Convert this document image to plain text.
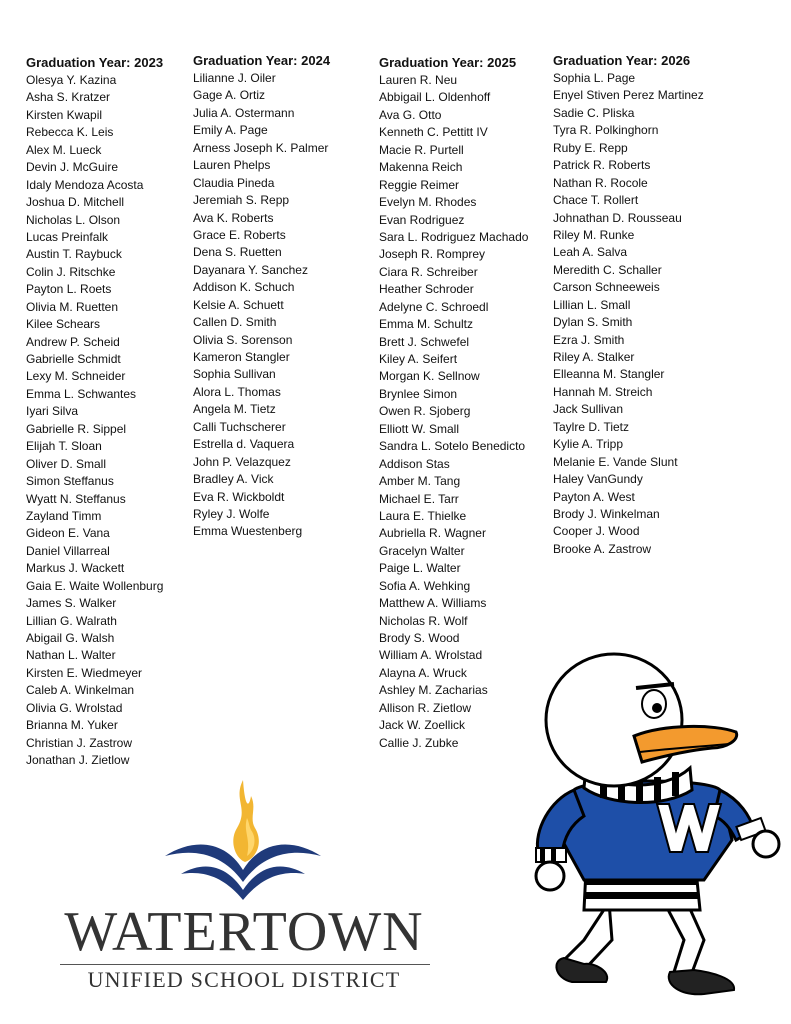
Graduation Year: 2023
Olesya Y. Kazina
Asha S. Kratzer
Kirsten Kwapil
Rebecca K. Leis
Alex M. Lueck
Devin J. McGuire
Idaly Mendoza Acosta
Joshua D. Mitchell
Nicholas L. Olson
Lucas Preinfalk
Austin T. Raybuck
Colin J. Ritschke
Payton L. Roets
Olivia M. Ruetten
Kilee Schears
Andrew P. Scheid
Gabrielle Schmidt
Lexy M. Schneider
Emma L. Schwantes
Iyari Silva
Gabrielle R. Sippel
Elijah T. Sloan
Oliver D. Small
Simon Steffanus
Wyatt N. Steffanus
Zayland Timm
Gideon E. Vana
Daniel Villarreal
Markus J. Wackett
Gaia E. Waite Wollenburg
James S. Walker
Lillian G. Walrath
Abigail G. Walsh
Nathan L. Walter
Kirsten E. Wiedmeyer
Caleb A. Winkelman
Olivia G. Wrolstad
Brianna M. Yuker
Christian J. Zastrow
Jonathan J. Zietlow
Graduation Year: 2024
Lilianne J. Oiler
Gage A. Ortiz
Julia A. Ostermann
Emily A. Page
Arness Joseph K. Palmer
Lauren Phelps
Claudia Pineda
Jeremiah S. Repp
Ava K. Roberts
Grace E. Roberts
Dena S. Ruetten
Dayanara Y. Sanchez
Addison K. Schuch
Kelsie A. Schuett
Callen D. Smith
Olivia S. Sorenson
Kameron Stangler
Sophia Sullivan
Alora L. Thomas
Angela M. Tietz
Calli Tuchscherer
Estrella d. Vaquera
John P. Velazquez
Bradley A. Vick
Eva R. Wickboldt
Ryley J. Wolfe
Emma Wuestenberg
Graduation Year: 2025
Lauren R. Neu
Abbigail L. Oldenhoff
Ava G. Otto
Kenneth C. Pettitt IV
Macie R. Purtell
Makenna Reich
Reggie Reimer
Evelyn M. Rhodes
Evan Rodriguez
Sara L. Rodriguez Machado
Joseph R. Romprey
Ciara R. Schreiber
Heather Schroder
Adelyne C. Schroedl
Emma M. Schultz
Brett J. Schwefel
Kiley A. Seifert
Morgan K. Sellnow
Brynlee Simon
Owen R. Sjoberg
Elliott W. Small
Sandra L. Sotelo Benedicto
Addison Stas
Amber M. Tang
Michael E. Tarr
Laura E. Thielke
Aubriella R. Wagner
Gracelyn Walter
Paige L. Walter
Sofia A. Wehking
Matthew A. Williams
Nicholas R. Wolf
Brody S. Wood
William A. Wrolstad
Alayna A. Wruck
Ashley M. Zacharias
Allison R. Zietlow
Jack W. Zoellick
Callie J. Zubke
Graduation Year: 2026
Sophia L. Page
Enyel Stiven Perez Martinez
Sadie C. Pliska
Tyra R. Polkinghorn
Ruby E. Repp
Patrick R. Roberts
Nathan R. Rocole
Chace T. Rollert
Johnathan D. Rousseau
Riley M. Runke
Leah A. Salva
Meredith C. Schaller
Carson Schneeweis
Lillian L. Small
Dylan S. Smith
Ezra J. Smith
Riley A. Stalker
Elleanna M. Stangler
Hannah M. Streich
Jack Sullivan
Taylre D. Tietz
Kylie A. Tripp
Melanie E. Vande Slunt
Haley VanGundy
Payton A. West
Brody J. Winkelman
Cooper J. Wood
Brooke A. Zastrow
WATERTOWN
UNIFIED SCHOOL DISTRICT
